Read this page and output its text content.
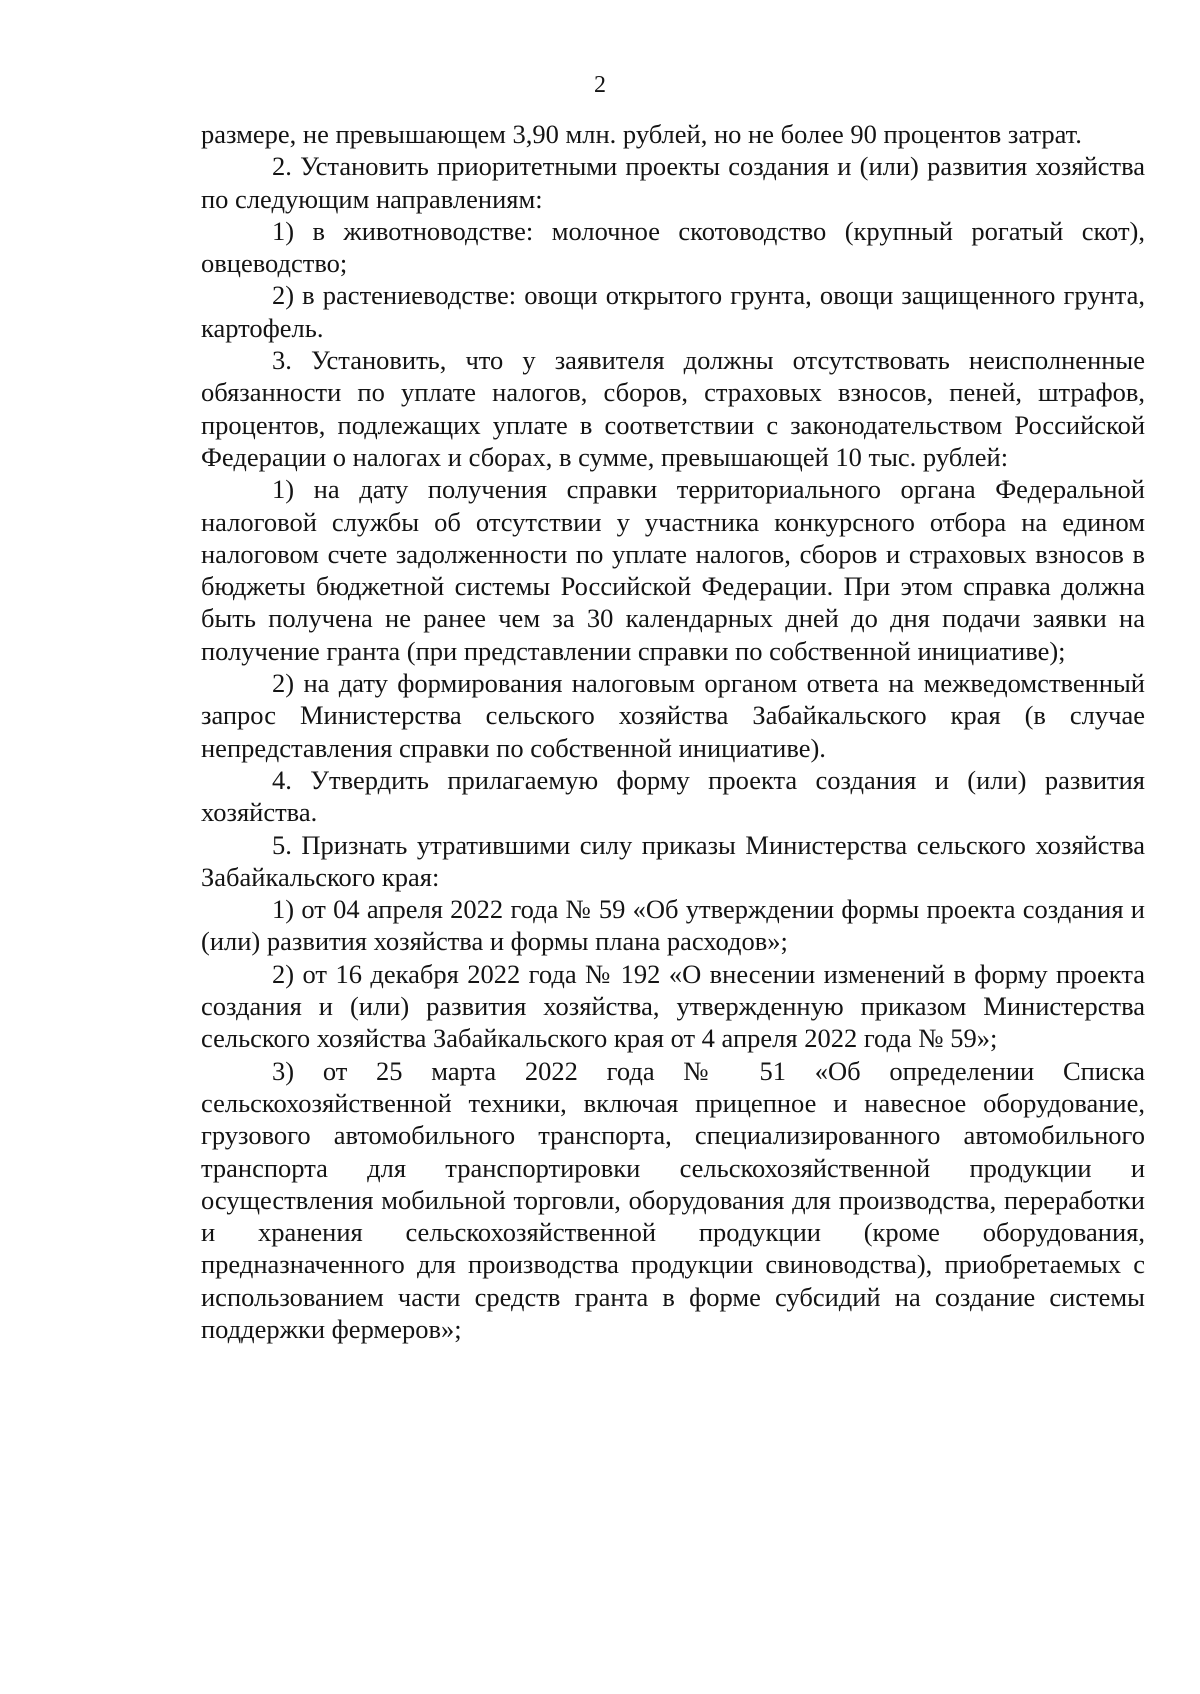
2

размере, не превышающем 3,90 млн. рублей, но не более 90 процентов затрат.

2. Установить приоритетными проекты создания и (или) развития хозяйства по следующим направлениям:

1) в животноводстве: молочное скотоводство (крупный рогатый скот), овцеводство;

2) в растениеводстве: овощи открытого грунта, овощи защищенного грунта, картофель.

3. Установить, что у заявителя должны отсутствовать неисполненные обязанности по уплате налогов, сборов, страховых взносов, пеней, штрафов, процентов, подлежащих уплате в соответствии с законодательством Российской Федерации о налогах и сборах, в сумме, превышающей 10 тыс. рублей:

1) на дату получения справки территориального органа Федеральной налоговой службы об отсутствии у участника конкурсного отбора на едином налоговом счете задолженности по уплате налогов, сборов и страховых взносов в бюджеты бюджетной системы Российской Федерации. При этом справка должна быть получена не ранее чем за 30 календарных дней до дня подачи заявки на получение гранта (при представлении справки по собственной инициативе);

2) на дату формирования налоговым органом ответа на межведомственный запрос Министерства сельского хозяйства Забайкальского края (в случае непредставления справки по собственной инициативе).

4. Утвердить прилагаемую форму проекта создания и (или) развития хозяйства.

5. Признать утратившими силу приказы Министерства сельского хозяйства Забайкальского края:

1) от 04 апреля 2022 года № 59 «Об утверждении формы проекта создания и (или) развития хозяйства и формы плана расходов»;

2) от 16 декабря 2022 года № 192 «О внесении изменений в форму проекта создания и (или) развития хозяйства, утвержденную приказом Министерства сельского хозяйства Забайкальского края от 4 апреля 2022 года № 59»;

3) от 25 марта 2022 года № 51 «Об определении Списка сельскохозяйственной техники, включая прицепное и навесное оборудование, грузового автомобильного транспорта, специализированного автомобильного транспорта для транспортировки сельскохозяйственной продукции и осуществления мобильной торговли, оборудования для производства, переработки и хранения сельскохозяйственной продукции (кроме оборудования, предназначенного для производства продукции свиноводства), приобретаемых с использованием части средств гранта в форме субсидий на создание системы поддержки фермеров»;
